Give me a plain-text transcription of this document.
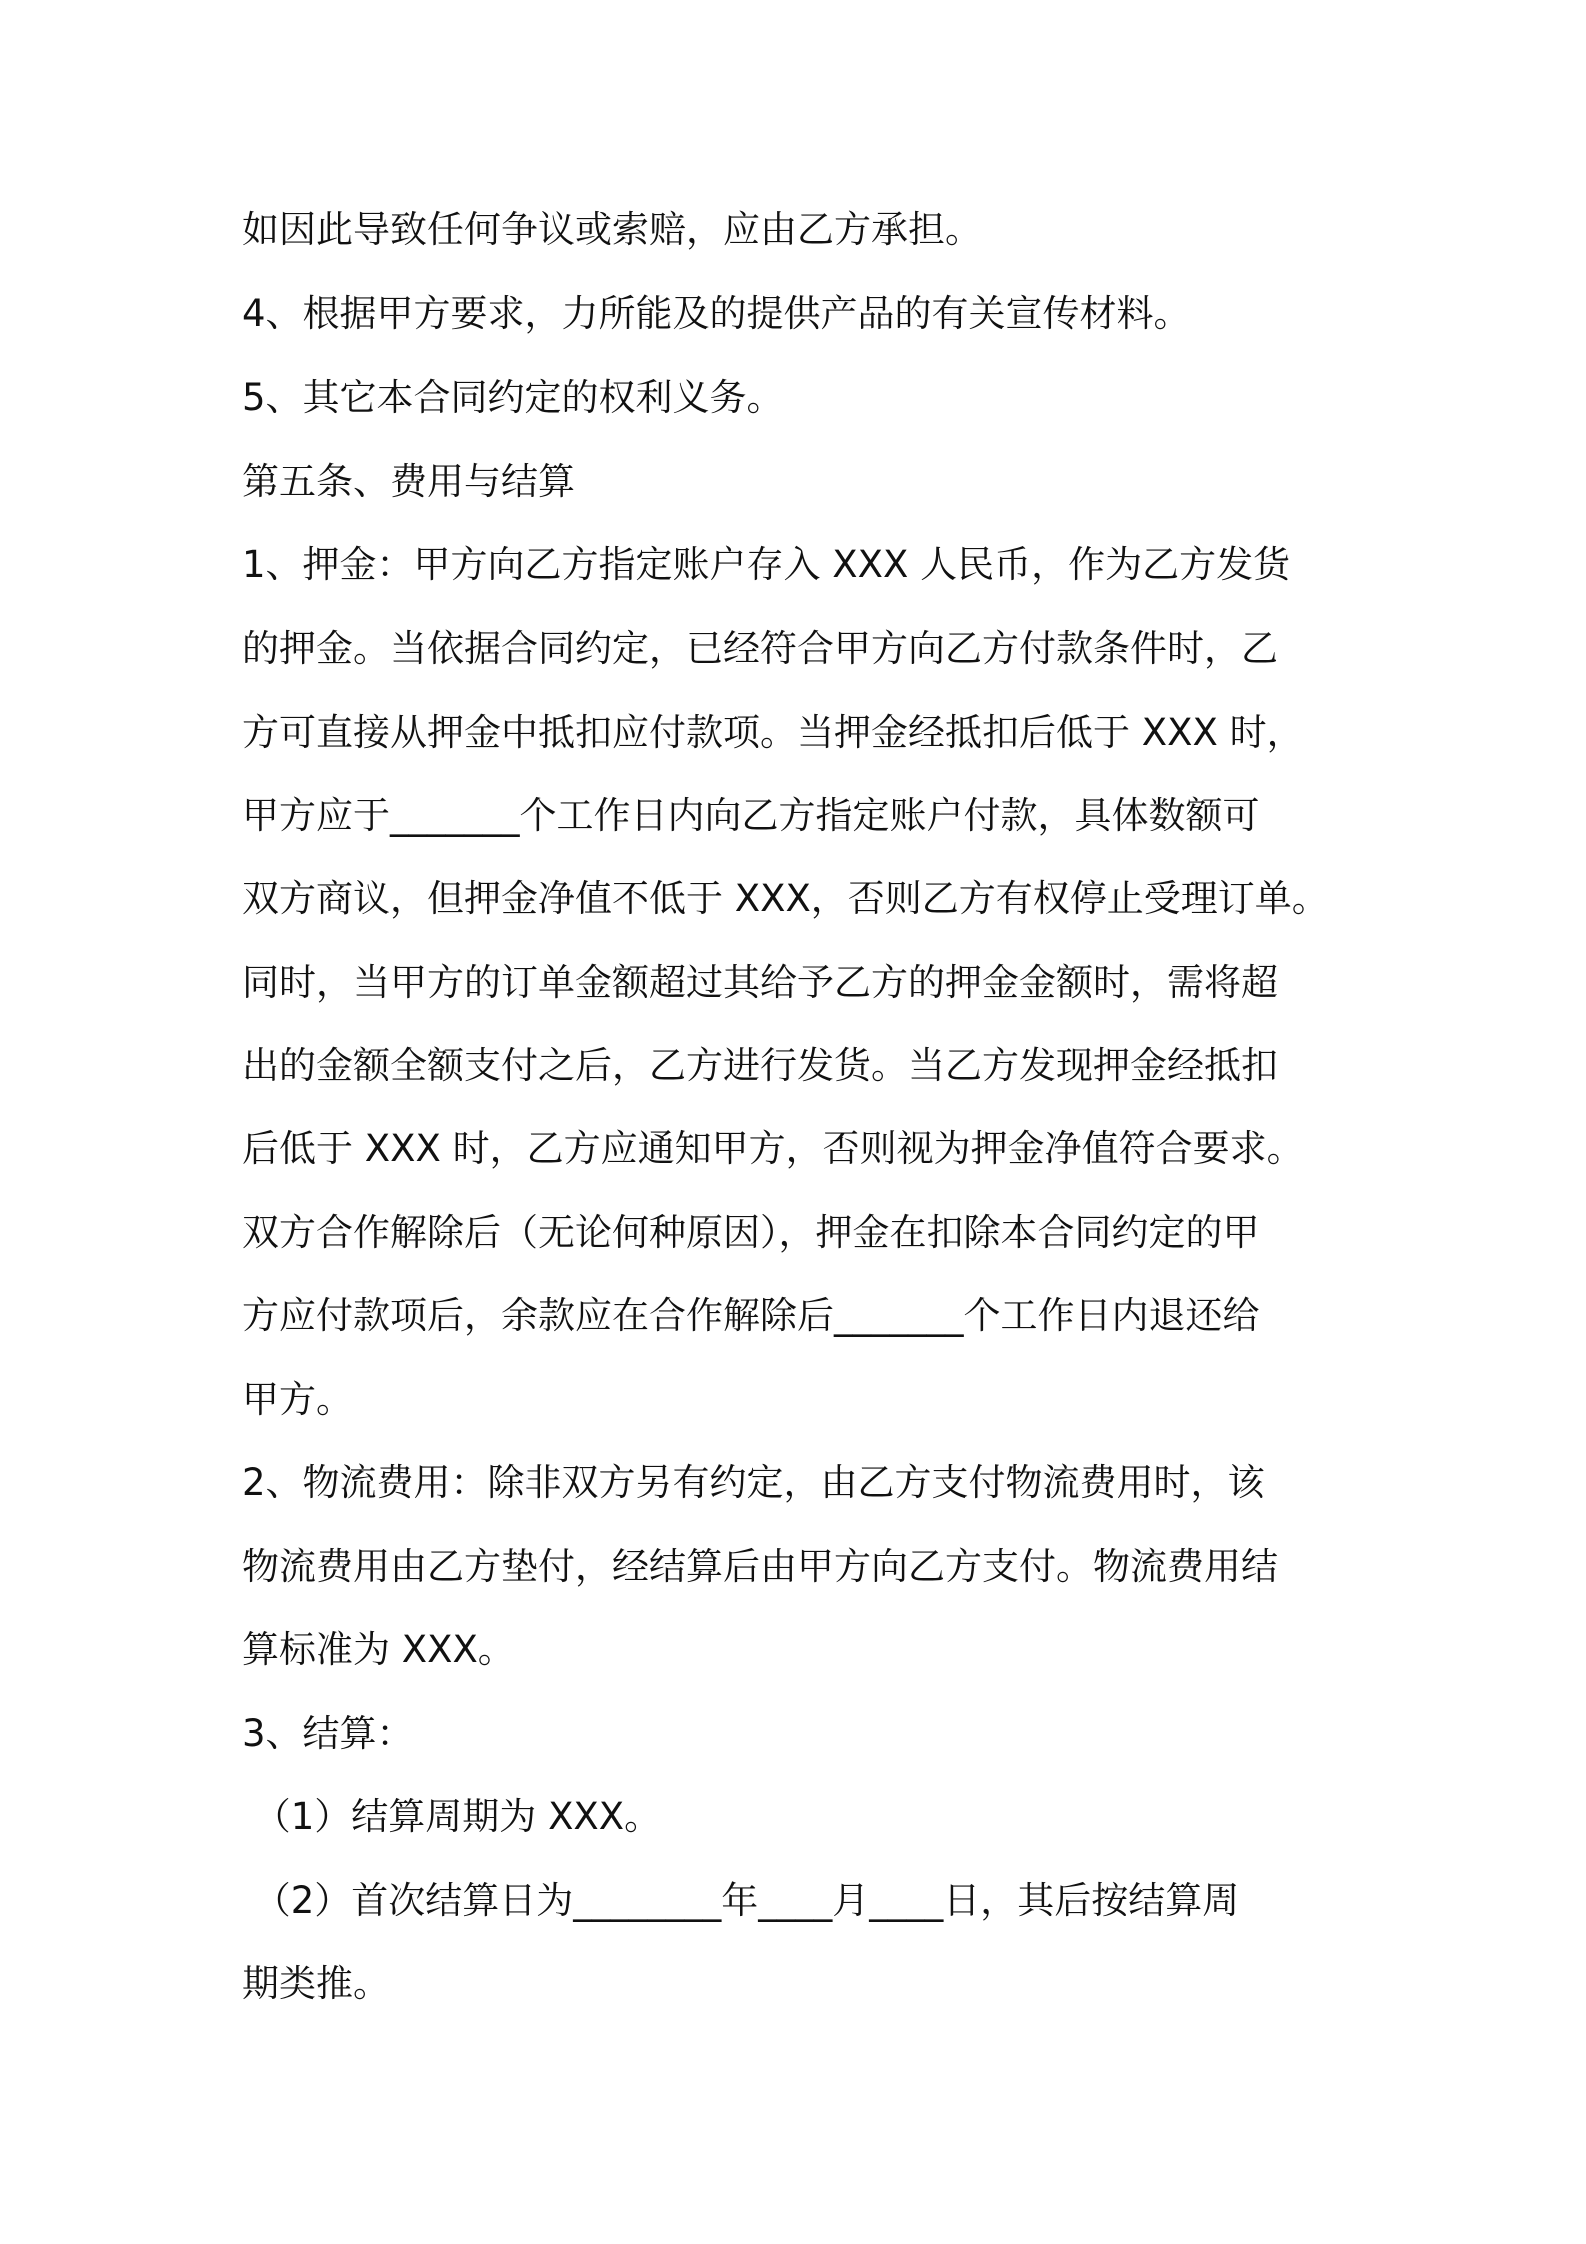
如因此导致任何争议或索赔，应由乙方承担。
4、根据甲方要求，力所能及的提供产品的有关宣传材料。
5、其它本合同约定的权利义务。
第五条、费用与结算
1、押金：甲方向乙方指定账户存入 XXX 人民币，作为乙方发货
的押金。当依据合同约定，已经符合甲方向乙方付款条件时，乙
方可直接从押金中抵扣应付款项。当押金经抵扣后低于 XXX 时，
甲方应于_______个工作日内向乙方指定账户付款，具体数额可
双方商议，但押金净值不低于 XXX，否则乙方有权停止受理订单。
同时，当甲方的订单金额超过其给予乙方的押金金额时，需将超
出的金额全额支付之后，乙方进行发货。当乙方发现押金经抵扣
后低于 XXX 时，乙方应通知甲方，否则视为押金净值符合要求。
双方合作解除后（无论何种原因），押金在扣除本合同约定的甲
方应付款项后，余款应在合作解除后_______个工作日内退还给
甲方。
2、物流费用：除非双方另有约定，由乙方支付物流费用时，该
物流费用由乙方垫付，经结算后由甲方向乙方支付。物流费用结
算标准为 XXX。
3、结算：
（1）结算周期为 XXX。
（2）首次结算日为________年____月____日，其后按结算周
期类推。
